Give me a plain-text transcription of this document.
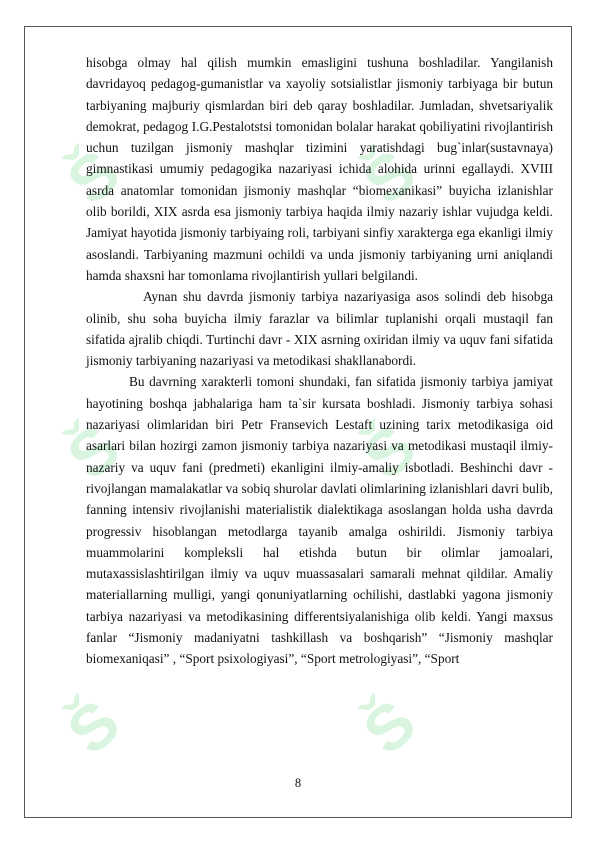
Š	Š
Š	Š
Š	Š

hisobga olmay hal qilish mumkin emasligini tushuna boshladilar. Yangilanish davridayoq pedagog-gumanistlar va xayoliy sotsialistlar jismoniy tarbiyaga bir butun tarbiyaning majburiy qismlardan biri deb qaray boshladilar. Jumladan, shvetsariyalik demokrat, pedagog I.G.Pestalotstsi tomonidan bolalar harakat qobiliyatini rivojlantirish uchun tuzilgan jismoniy mashqlar tizimini yaratishdagi bug`inlar(sustavnaya) gimnastikasi umumiy pedagogika nazariyasi ichida alohida urinni egallaydi. XVIII asrda anatomlar tomonidan jismoniy mashqlar “biomexanikasi” buyicha izlanishlar olib borildi, XIX asrda esa jismoniy tarbiya haqida ilmiy nazariy ishlar vujudga keldi. Jamiyat hayotida jismoniy tarbiyaing roli, tarbiyani sinfiy xarakterga ega ekanligi ilmiy asoslandi. Tarbiyaning mazmuni ochildi va unda jismoniy tarbiyaning urni aniqlandi hamda shaxsni har tomonlama rivojlantirish yullari belgilandi.

Aynan shu davrda jismoniy tarbiya nazariyasiga asos solindi deb hisobga olinib, shu soha buyicha ilmiy farazlar va bilimlar tuplanishi orqali mustaqil fan sifatida ajralib chiqdi. Turtinchi davr - XIX asrning oxiridan ilmiy va uquv fani sifatida jismoniy tarbiyaning nazariyasi va metodikasi shakllanabordi.

Bu davrning xarakterli tomoni shundaki, fan sifatida jismoniy tarbiya jamiyat hayotining boshqa jabhalariga ham ta`sir kursata boshladi. Jismoniy tarbiya sohasi nazariyasi olimlaridan biri Petr Fransevich Lestaft uzining tarix metodikasiga oid asarlari bilan hozirgi zamon jismoniy tarbiya nazariyasi va metodikasi mustaqil ilmiy-nazariy va uquv fani (predmeti) ekanligini ilmiy-amaliy isbotladi. Beshinchi davr - rivojlangan mamalakatlar va sobiq shurolar davlati olimlarining izlanishlari davri bulib, fanning intensiv rivojlanishi materialistik dialektikaga asoslangan holda usha davrda progressiv hisoblangan metodlarga tayanib amalga oshirildi. Jismoniy tarbiya muammolarini kompleksli hal etishda butun bir olimlar jamoalari, mutaxassislashtirilgan ilmiy va uquv muassasalari samarali mehnat qildilar. Amaliy materiallarning mulligi, yangi qonuniyatlarning ochilishi, dastlabki yagona jismoniy tarbiya nazariyasi va metodikasining differentsiyalanishiga olib keldi. Yangi maxsus fanlar “Jismoniy madaniyatni tashkillash va boshqarish” “Jismoniy mashqlar biomexaniqasi” , “Sport psixologiyasi”, “Sport metrologiyasi”, “Sport

8
